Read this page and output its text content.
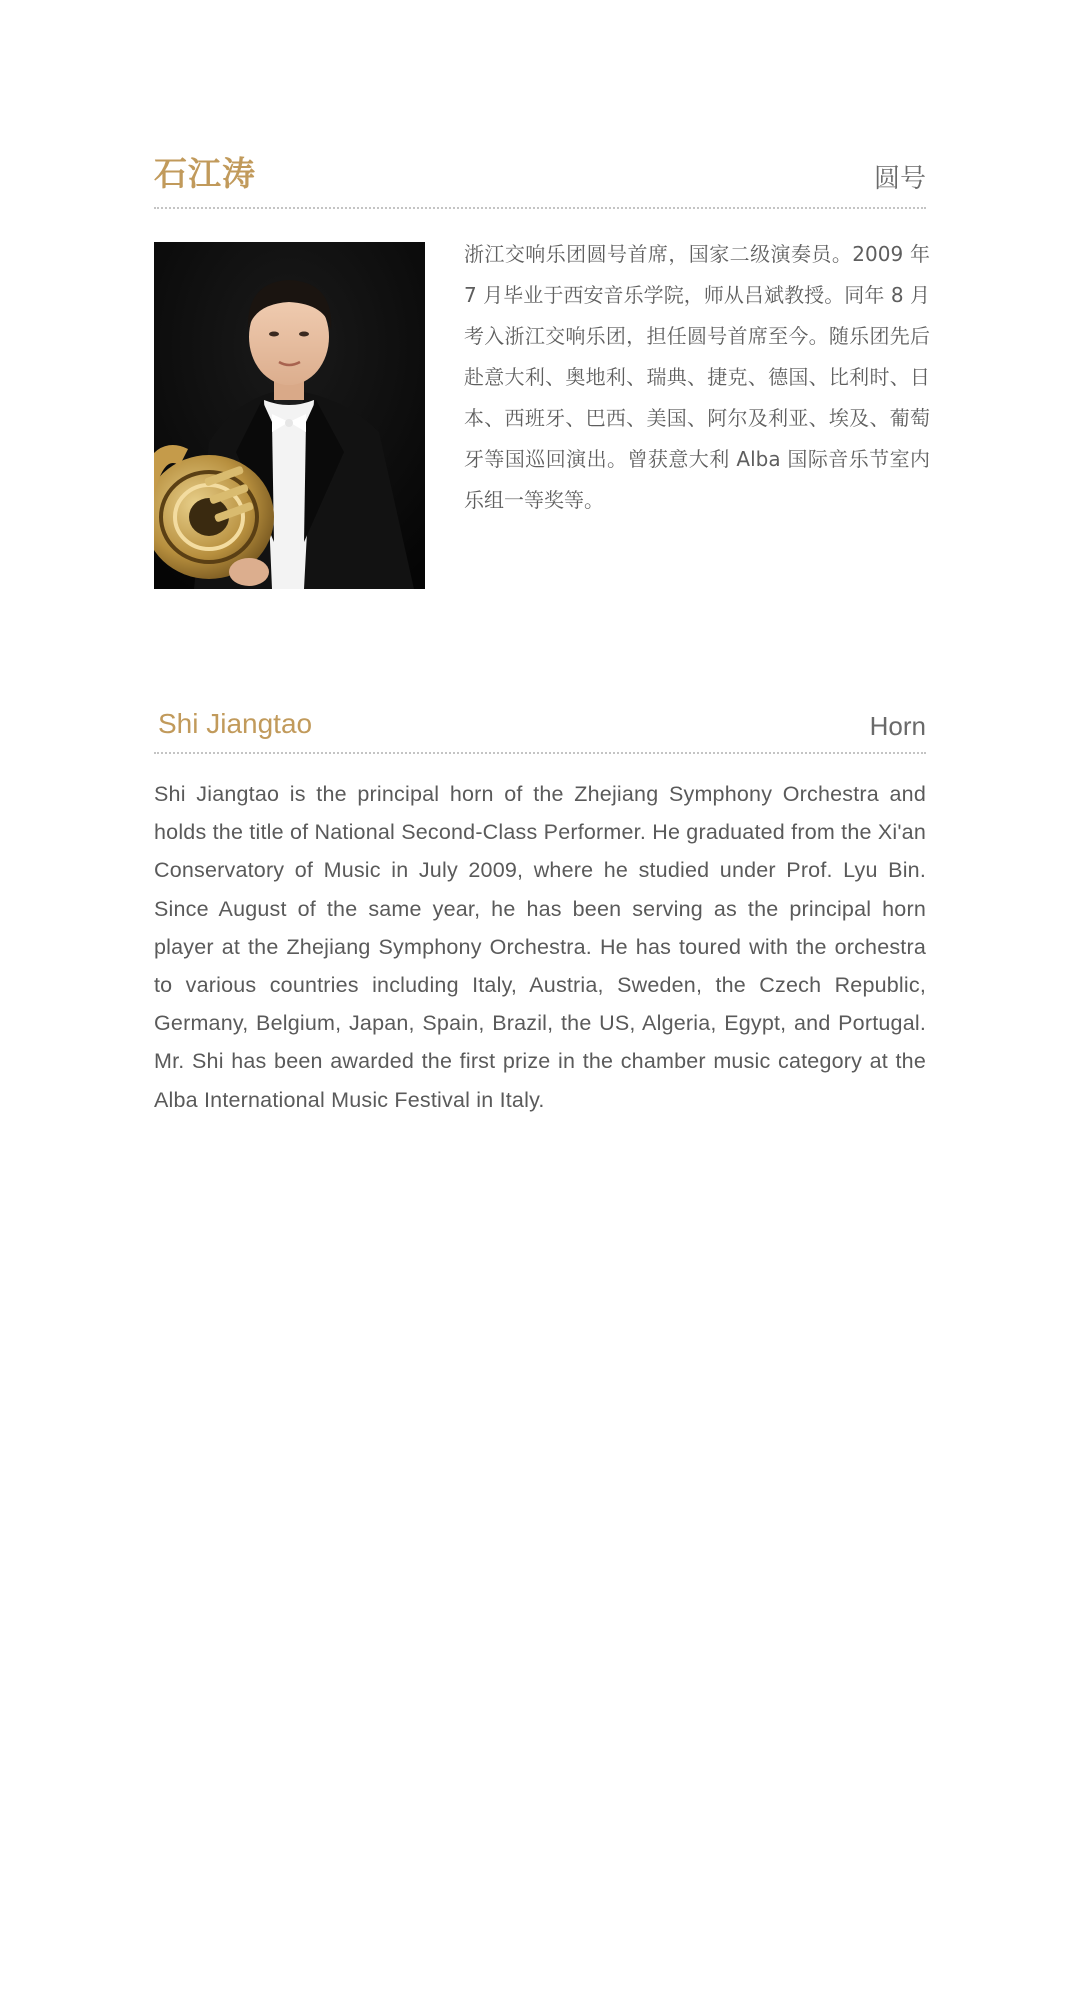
石江涛	圆号

浙江交响乐团圆号首席，国家二级演奏员。2009 年 7 月毕业于西安音乐学院，师从吕斌教授。同年 8 月考入浙江交响乐团，担任圆号首席至今。随乐团先后赴意大利、奥地利、瑞典、捷克、德国、比利时、日本、西班牙、巴西、美国、阿尔及利亚、埃及、葡萄牙等国巡回演出。曾获意大利 Alba 国际音乐节室内乐组一等奖等。

Shi Jiangtao	Horn

Shi Jiangtao is the principal horn of the Zhejiang Symphony Orchestra and holds the title of National Second-Class Performer. He graduated from the Xi'an Conservatory of Music in July 2009, where he studied under Prof. Lyu Bin. Since August of the same year, he has been serving as the principal horn player at the Zhejiang Symphony Orchestra. He has toured with the orchestra to various countries including Italy, Austria, Sweden, the Czech Republic, Germany, Belgium, Japan, Spain, Brazil, the US, Algeria, Egypt, and Portugal. Mr. Shi has been awarded the first prize in the chamber music category at the Alba International Music Festival in Italy.
